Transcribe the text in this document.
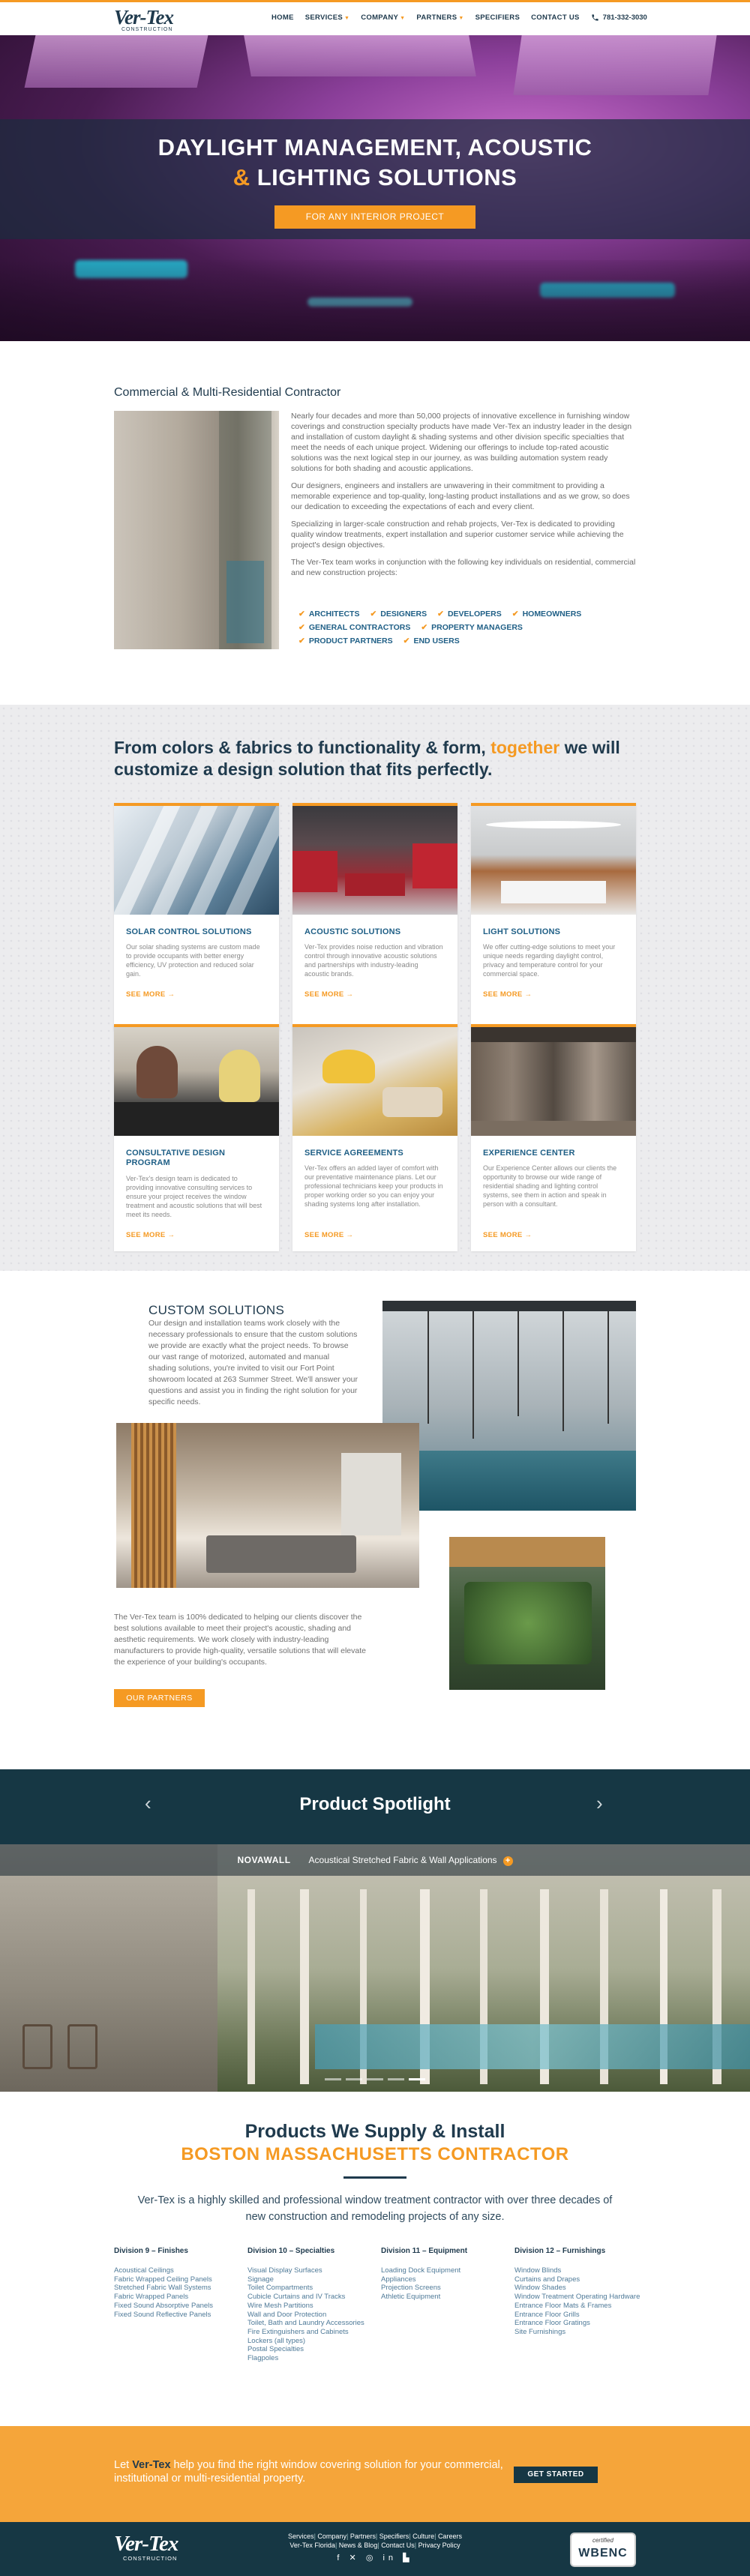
Ver-Tex
CONSTRUCTION
HOME SERVICES ▼ COMPANY ▼ PARTNERS ▼ SPECIFIERS CONTACT US	781-332-3030
DAYLIGHT MANAGEMENT, ACOUSTIC
& LIGHTING SOLUTIONS
FOR ANY INTERIOR PROJECT
Commercial & Multi-Residential Contractor

Nearly four decades and more than 50,000 projects of innovative excellence in furnishing window coverings and construction specialty products have made Ver-Tex an industry leader in the design and installation of custom daylight & shading systems and other division specific specialties that meet the needs of each unique project. Widening our offerings to include top-rated acoustic solutions was the next logical step in our journey, as was building automation system ready solutions for both shading and acoustic applications.

Our designers, engineers and installers are unwavering in their commitment to providing a memorable experience and top-quality, long-lasting product installations and as we grow, so does our dedication to exceeding the expectations of each and every client.

Specializing in larger-scale construction and rehab projects, Ver-Tex is dedicated to providing quality window treatments, expert installation and superior customer service while achieving the project's design objectives.

The Ver-Tex team works in conjunction with the following key individuals on residential, commercial and new construction projects:

✔ ARCHITECTS ✔ DESIGNERS ✔ DEVELOPERS ✔ HOMEOWNERS
✔ GENERAL CONTRACTORS ✔ PROPERTY MANAGERS
✔ PRODUCT PARTNERS ✔ END USERS
From colors & fabrics to functionality & form, together we will customize a design solution that fits perfectly.
SOLAR CONTROL SOLUTIONS
Our solar shading systems are custom made to provide occupants with better energy efficiency, UV protection and reduced solar gain.
SEE MORE →
ACOUSTIC SOLUTIONS
Ver-Tex provides noise reduction and vibration control through innovative acoustic solutions and partnerships with industry-leading acoustic brands.
SEE MORE →
LIGHT SOLUTIONS
We offer cutting-edge solutions to meet your unique needs regarding daylight control, privacy and temperature control for your commercial space.
SEE MORE →
CONSULTATIVE DESIGN PROGRAM
Ver-Tex's design team is dedicated to providing innovative consulting services to ensure your project receives the window treatment and acoustic solutions that will best meet its needs.
SEE MORE →
SERVICE AGREEMENTS
Ver-Tex offers an added layer of comfort with our preventative maintenance plans. Let our professional technicians keep your products in proper working order so you can enjoy your shading systems long after installation.
SEE MORE →
EXPERIENCE CENTER
Our Experience Center allows our clients the opportunity to browse our wide range of residential shading and lighting control systems, see them in action and speak in person with a consultant.
SEE MORE →
CUSTOM SOLUTIONS
Our design and installation teams work closely with the necessary professionals to ensure that the custom solutions we provide are exactly what the project needs. To browse our vast range of motorized, automated and manual shading solutions, you're invited to visit our Fort Point showroom located at 263 Summer Street. We'll answer your questions and assist you in finding the right solution for your specific needs.
The Ver-Tex team is 100% dedicated to helping our clients discover the best solutions available to meet their project's acoustic, shading and aesthetic requirements. We work closely with industry-leading manufacturers to provide high-quality, versatile solutions that will elevate the experience of your building's occupants.
OUR PARTNERS
Product Spotlight
‹	›
NOVAWALL Acoustical Stretched Fabric & Wall Applications +
Products We Supply & Install
BOSTON MASSACHUSETTS CONTRACTOR
Ver-Tex is a highly skilled and professional window treatment contractor with over three decades of new construction and remodeling projects of any size.
Division 9 – Finishes
Acoustical Ceilings
Fabric Wrapped Ceiling Panels
Stretched Fabric Wall Systems
Fabric Wrapped Panels
Fixed Sound Absorptive Panels
Fixed Sound Reflective Panels
Division 10 – Specialties
Visual Display Surfaces
Signage
Toilet Compartments
Cubicle Curtains and IV Tracks
Wire Mesh Partitions
Wall and Door Protection
Toilet, Bath and Laundry Accessories
Fire Extinguishers and Cabinets
Lockers (all types)
Postal Specialties
Flagpoles
Division 11 – Equipment
Loading Dock Equipment
Appliances
Projection Screens
Athletic Equipment
Division 12 – Furnishings
Window Blinds
Curtains and Drapes
Window Shades
Window Treatment Operating Hardware
Entrance Floor Mats & Frames
Entrance Floor Grills
Entrance Floor Gratings
Site Furnishings
Let Ver-Tex help you find the right window covering solution for your commercial, institutional or multi-residential property.	GET STARTED
Ver-Tex
CONSTRUCTION
Services| Company| Partners| Specifiers| Culture| Careers
Ver-Tex Florida| News & Blog| Contact Us| Privacy Policy
f ✕ ◎ in ▙
certified
WBENC
